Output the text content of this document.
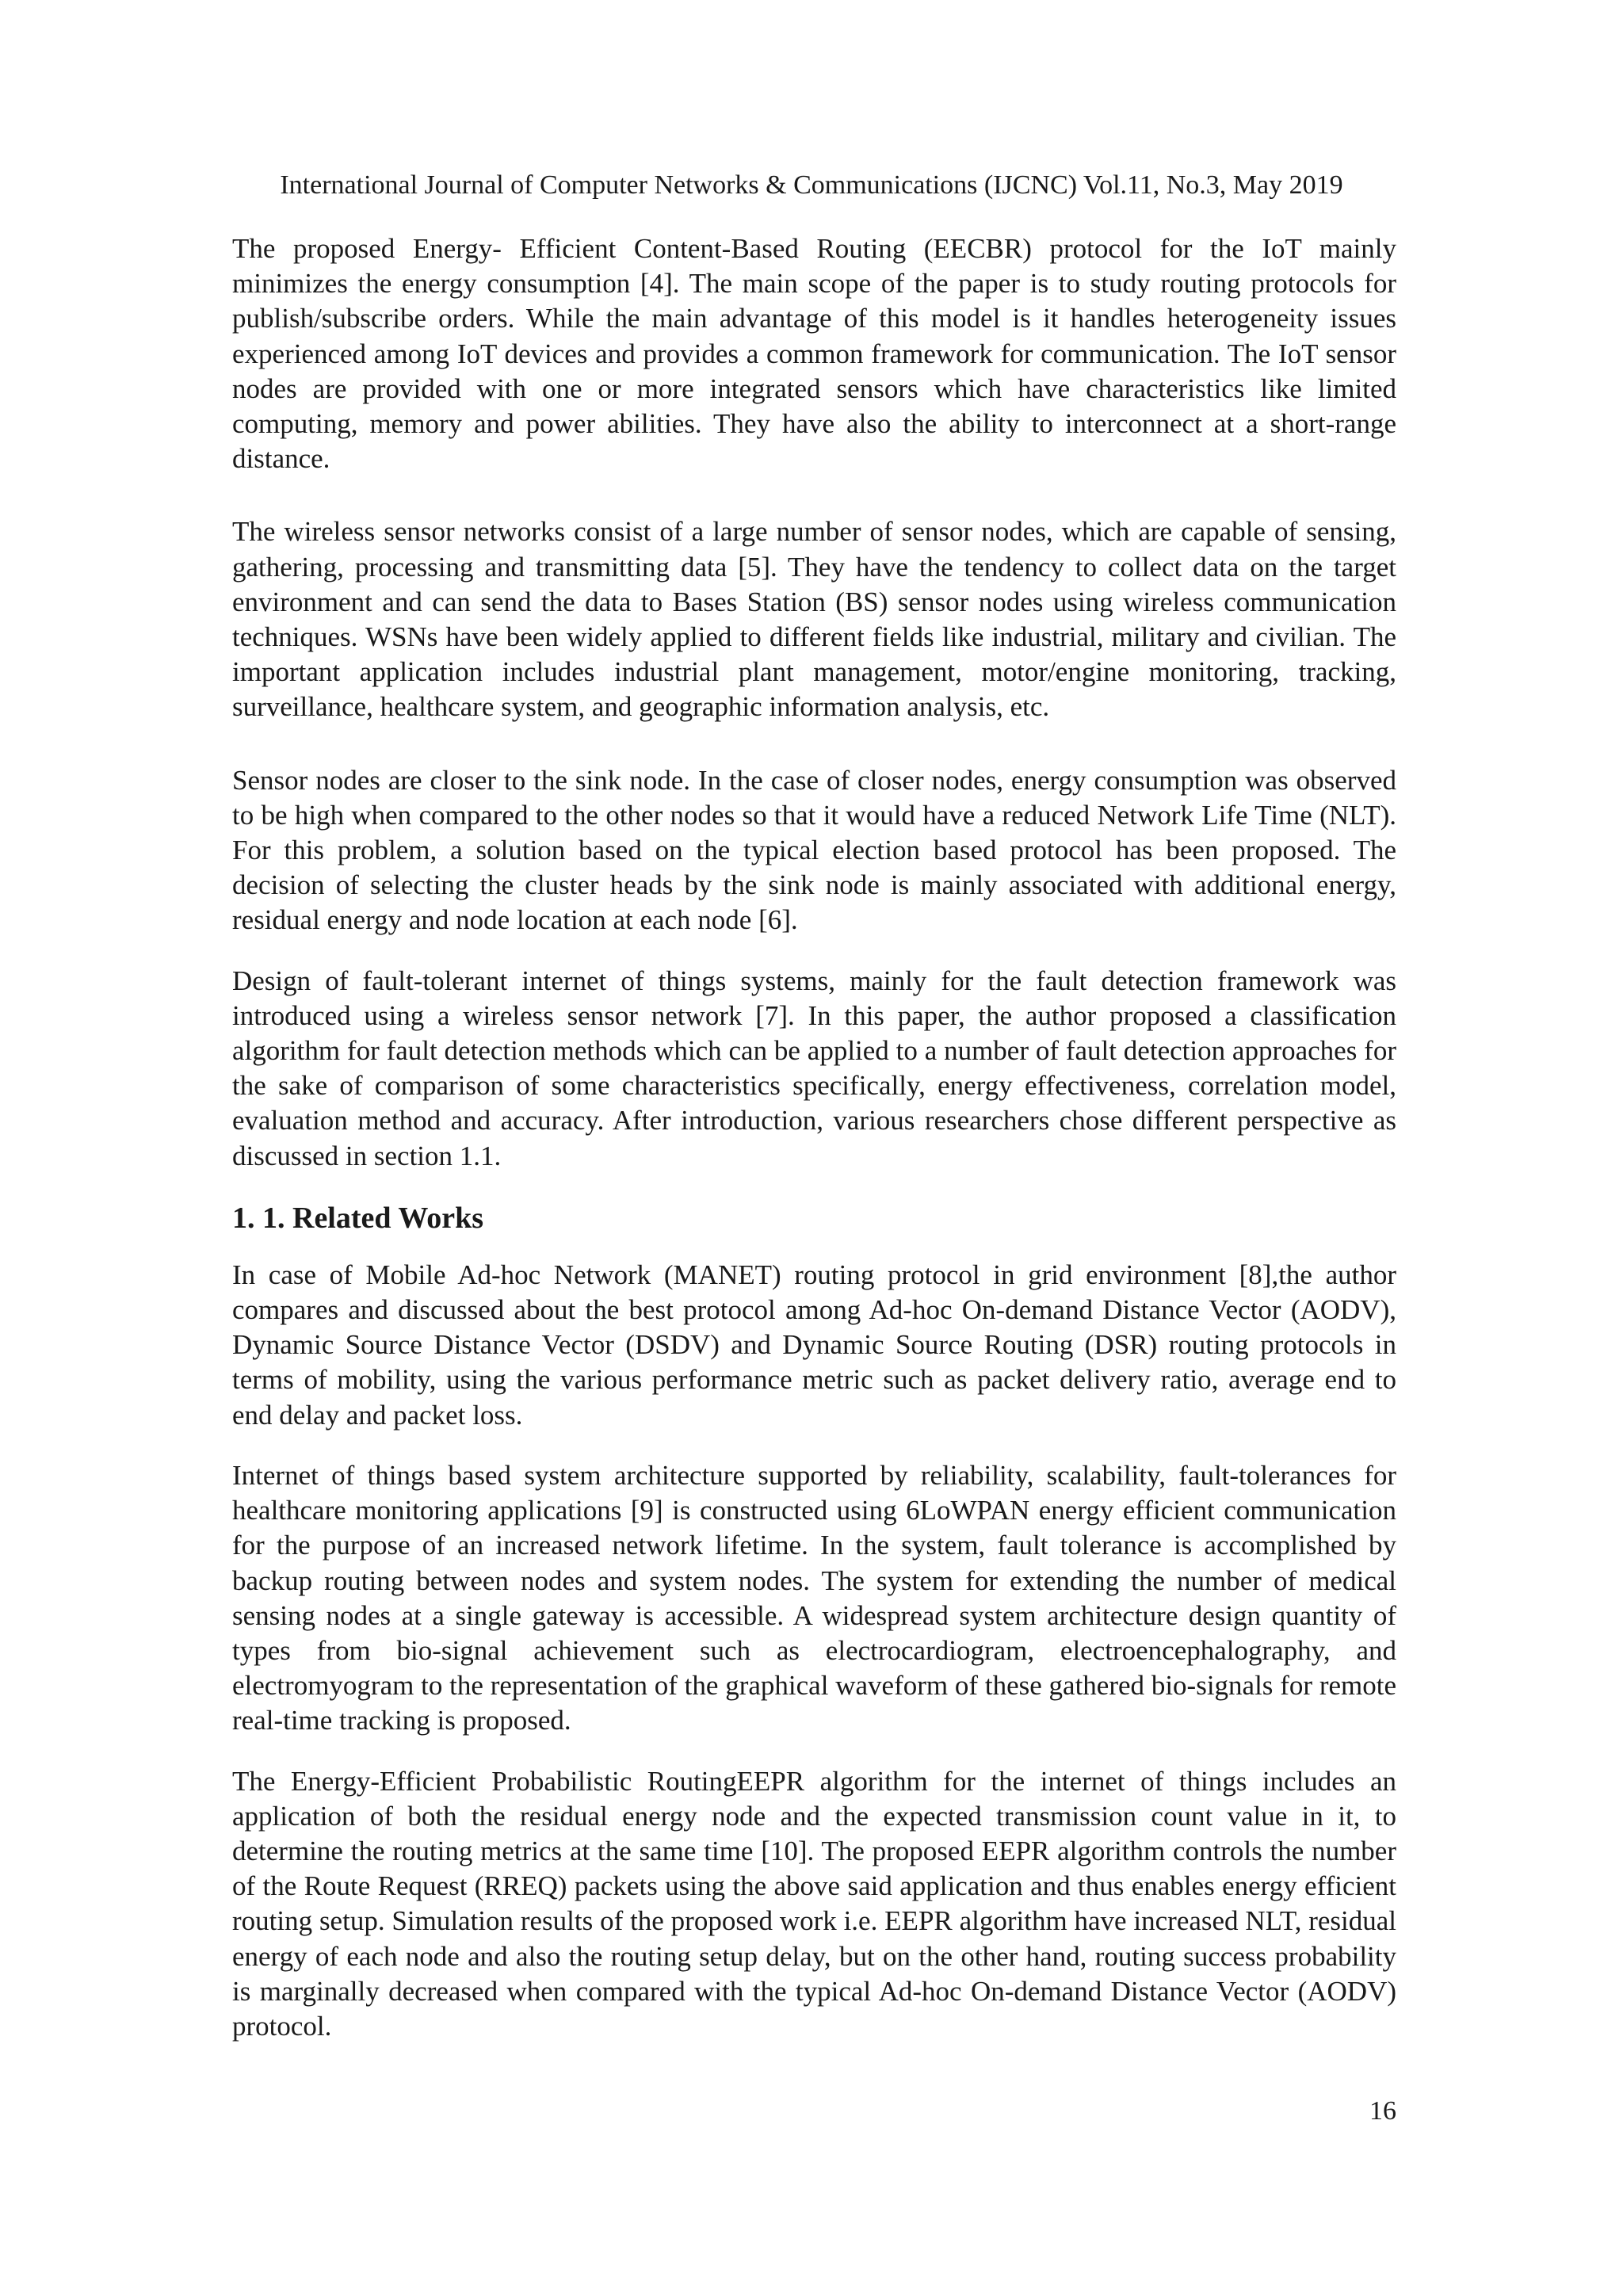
International Journal of Computer Networks & Communications (IJCNC) Vol.11, No.3, May 2019

The proposed Energy- Efficient Content-Based Routing (EECBR) protocol for the IoT mainly minimizes the energy consumption [4]. The main scope of the paper is to study routing protocols for publish/subscribe orders. While the main advantage of this model is it handles heterogeneity issues experienced among IoT devices and provides a common framework for communication. The IoT sensor nodes are provided with one or more integrated sensors which have characteristics like limited computing, memory and power abilities. They have also the ability to interconnect at a short-range distance.

The wireless sensor networks consist of a large number of sensor nodes, which are capable of sensing, gathering, processing and transmitting data [5]. They have the tendency to collect data on the target environment and can send the data to Bases Station (BS) sensor nodes using wireless communication techniques. WSNs have been widely applied to different fields like industrial, military and civilian. The important application includes industrial plant management, motor/engine monitoring, tracking, surveillance, healthcare system, and geographic information analysis, etc.

Sensor nodes are closer to the sink node. In the case of closer nodes, energy consumption was observed to be high when compared to the other nodes so that it would have a reduced Network Life Time (NLT). For this problem, a solution based on the typical election based protocol has been proposed. The decision of selecting the cluster heads by the sink node is mainly associated with additional energy, residual energy and node location at each node [6].

Design of fault-tolerant internet of things systems, mainly for the fault detection framework was introduced using a wireless sensor network [7]. In this paper, the author proposed a classification algorithm for fault detection methods which can be applied to a number of fault detection approaches for the sake of comparison of some characteristics specifically, energy effectiveness, correlation model, evaluation method and accuracy. After introduction, various researchers chose different perspective as discussed in section 1.1.

1. 1. Related Works

In case of Mobile Ad-hoc Network (MANET) routing protocol in grid environment [8],the author compares and discussed about the best protocol among Ad-hoc On-demand Distance Vector (AODV), Dynamic Source Distance Vector (DSDV) and Dynamic Source Routing (DSR) routing protocols in terms of mobility, using the various performance metric such as packet delivery ratio, average end to end delay and packet loss.

Internet of things based system architecture supported by reliability, scalability, fault-tolerances for healthcare monitoring applications [9] is constructed using 6LoWPAN energy efficient communication for the purpose of an increased network lifetime. In the system, fault tolerance is accomplished by backup routing between nodes and system nodes. The system for extending the number of medical sensing nodes at a single gateway is accessible. A widespread system architecture design quantity of types from bio-signal achievement such as electrocardiogram, electroencephalography, and electromyogram to the representation of the graphical waveform of these gathered bio-signals for remote real-time tracking is proposed.

The Energy-Efficient Probabilistic RoutingEEPR algorithm for the internet of things includes an application of both the residual energy node and the expected transmission count value in it, to determine the routing metrics at the same time [10]. The proposed EEPR algorithm controls the number of the Route Request (RREQ) packets using the above said application and thus enables energy efficient routing setup. Simulation results of the proposed work i.e. EEPR algorithm have increased NLT, residual energy of each node and also the routing setup delay, but on the other hand, routing success probability is marginally decreased when compared with the typical Ad-hoc On-demand Distance Vector (AODV) protocol.

16
